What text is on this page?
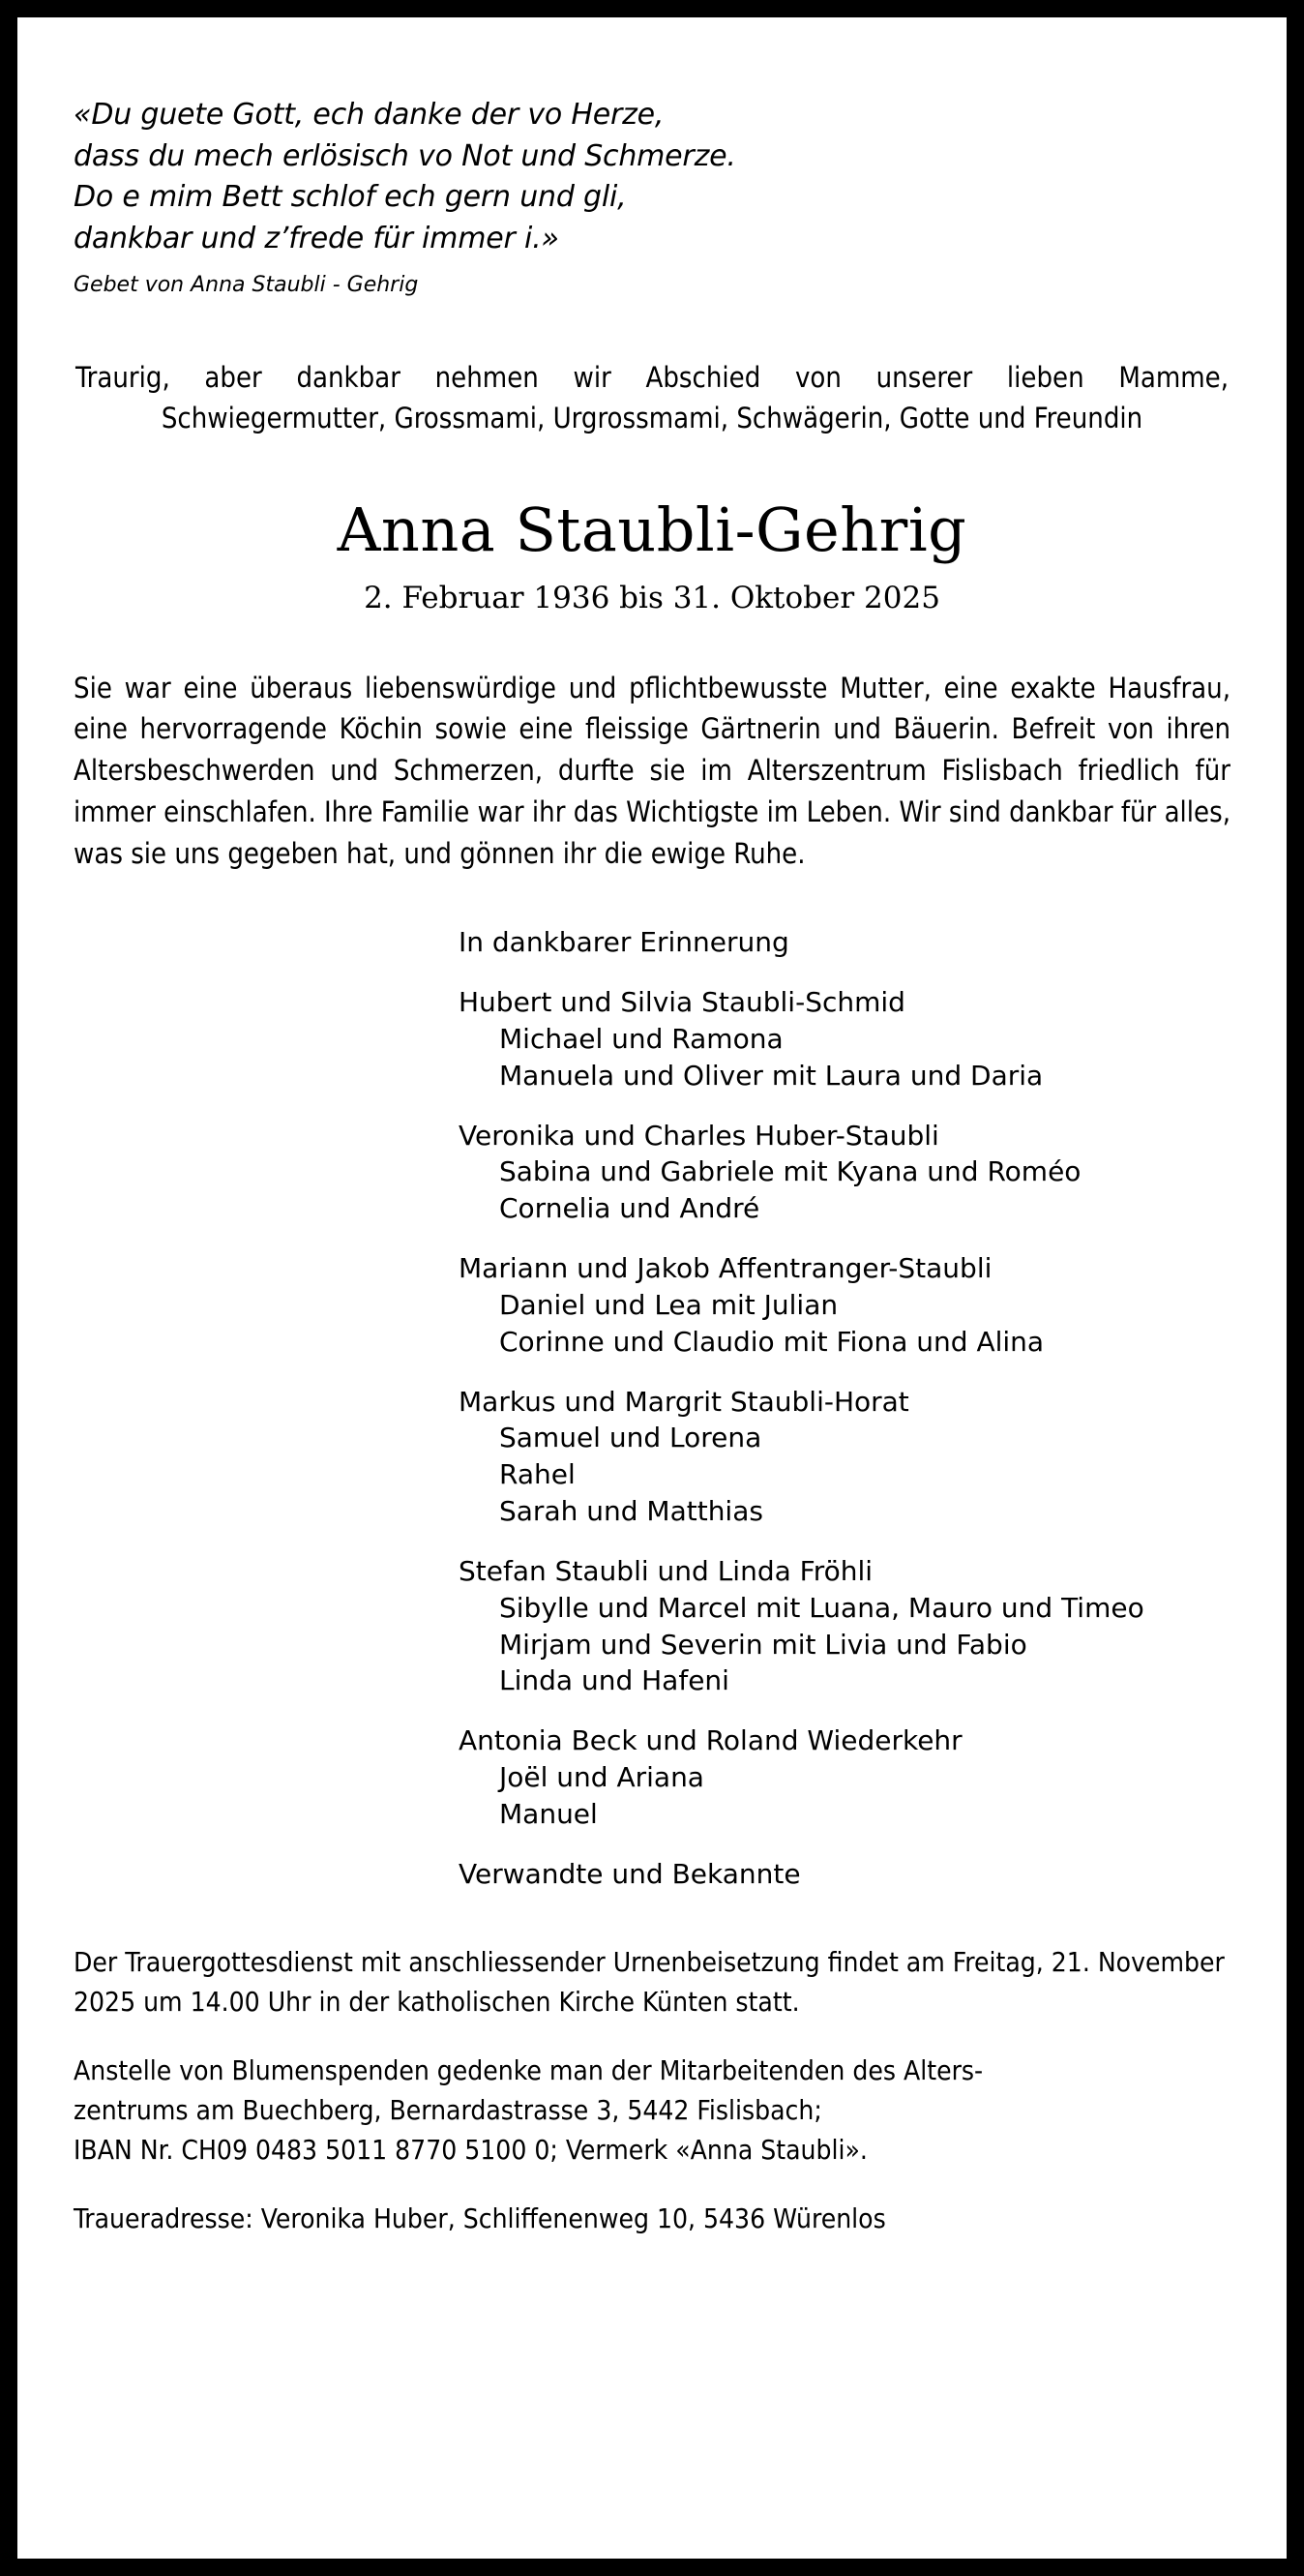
«Du guete Gott, ech danke der vo Herze,
dass du mech erlösisch vo Not und Schmerze.
Do e mim Bett schlof ech gern und gli,
dankbar und z’frede für immer i.»
Gebet von Anna Staubli - Gehrig
Traurig, aber dankbar nehmen wir Abschied von unserer lieben Mamme,
Schwiegermutter, Grossmami, Urgrossmami, Schwägerin, Gotte und Freundin
Anna Staubli-Gehrig
2. Februar 1936 bis 31. Oktober 2025

Sie war eine überaus liebenswürdige und pflichtbewusste Mutter, eine exakte Hausfrau, eine hervorragende Köchin sowie eine fleissige Gärtnerin und Bäuerin. Befreit von ihren Altersbeschwerden und Schmerzen, durfte sie im Alterszentrum Fislisbach friedlich für immer einschlafen. Ihre Familie war ihr das Wichtigste im Leben. Wir sind dankbar für alles, was sie uns gegeben hat, und gönnen ihr die ewige Ruhe.

In dankbarer Erinnerung
Hubert und Silvia Staubli-Schmid
Michael und Ramona
Manuela und Oliver mit Laura und Daria
Veronika und Charles Huber-Staubli
Sabina und Gabriele mit Kyana und Roméo
Cornelia und André
Mariann und Jakob Affentranger-Staubli
Daniel und Lea mit Julian
Corinne und Claudio mit Fiona und Alina
Markus und Margrit Staubli-Horat
Samuel und Lorena
Rahel
Sarah und Matthias
Stefan Staubli und Linda Fröhli
Sibylle und Marcel mit Luana, Mauro und Timeo
Mirjam und Severin mit Livia und Fabio
Linda und Hafeni
Antonia Beck und Roland Wiederkehr
Joël und Ariana
Manuel
Verwandte und Bekannte

Der Trauergottesdienst mit anschliessender Urnenbeisetzung findet am Freitag, 21. November 2025 um 14.00 Uhr in der katholischen Kirche Künten statt.

Anstelle von Blumenspenden gedenke man der Mitarbeitenden des Alters-
zentrums am Buechberg, Bernardastrasse 3, 5442 Fislisbach;
IBAN Nr. CH09 0483 5011 8770 5100 0; Vermerk «Anna Staubli».

Traueradresse: Veronika Huber, Schliffenenweg 10, 5436 Würenlos
